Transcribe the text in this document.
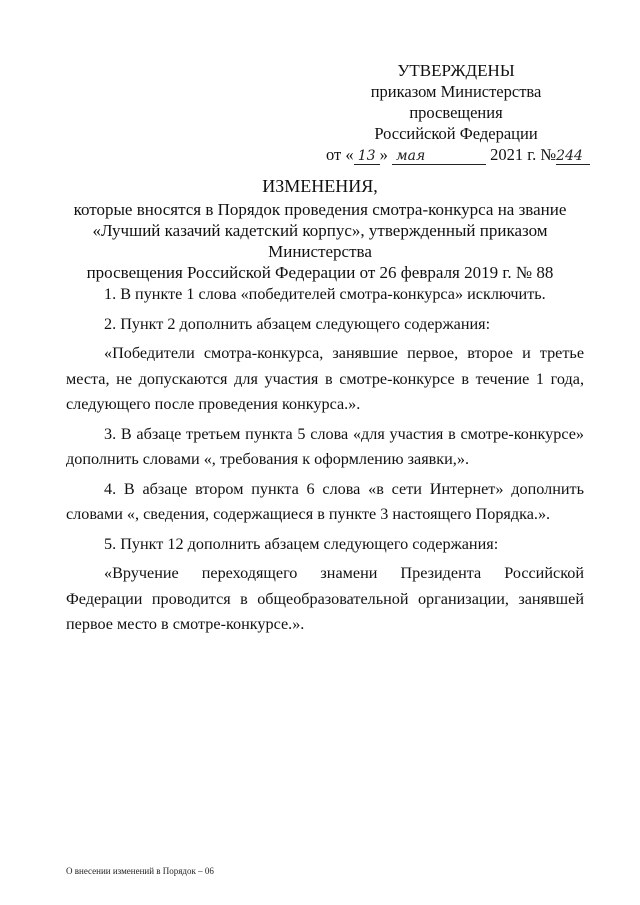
УТВЕРЖДЕНЫ
приказом Министерства просвещения
Российской Федерации
от « 13 » мая	2021 г. №244
ИЗМЕНЕНИЯ,
которые вносятся в Порядок проведения смотра-конкурса на звание
«Лучший казачий кадетский корпус», утвержденный приказом Министерства
просвещения Российской Федерации от 26 февраля 2019 г. № 88

1. В пункте 1 слова «победителей смотра-конкурса» исключить.

2. Пункт 2 дополнить абзацем следующего содержания:

«Победители смотра-конкурса, занявшие первое, второе и третье места, не допускаются для участия в смотре-конкурсе в течение 1 года, следующего после проведения конкурса.».

3. В абзаце третьем пункта 5 слова «для участия в смотре-конкурсе» дополнить словами «, требования к оформлению заявки,».

4. В абзаце втором пункта 6 слова «в сети Интернет» дополнить словами «, сведения, содержащиеся в пункте 3 настоящего Порядка.».

5. Пункт 12 дополнить абзацем следующего содержания:

«Вручение переходящего знамени Президента Российской Федерации проводится в общеобразовательной организации, занявшей первое место в смотре-конкурсе.».

О внесении изменений в Порядок – 06
